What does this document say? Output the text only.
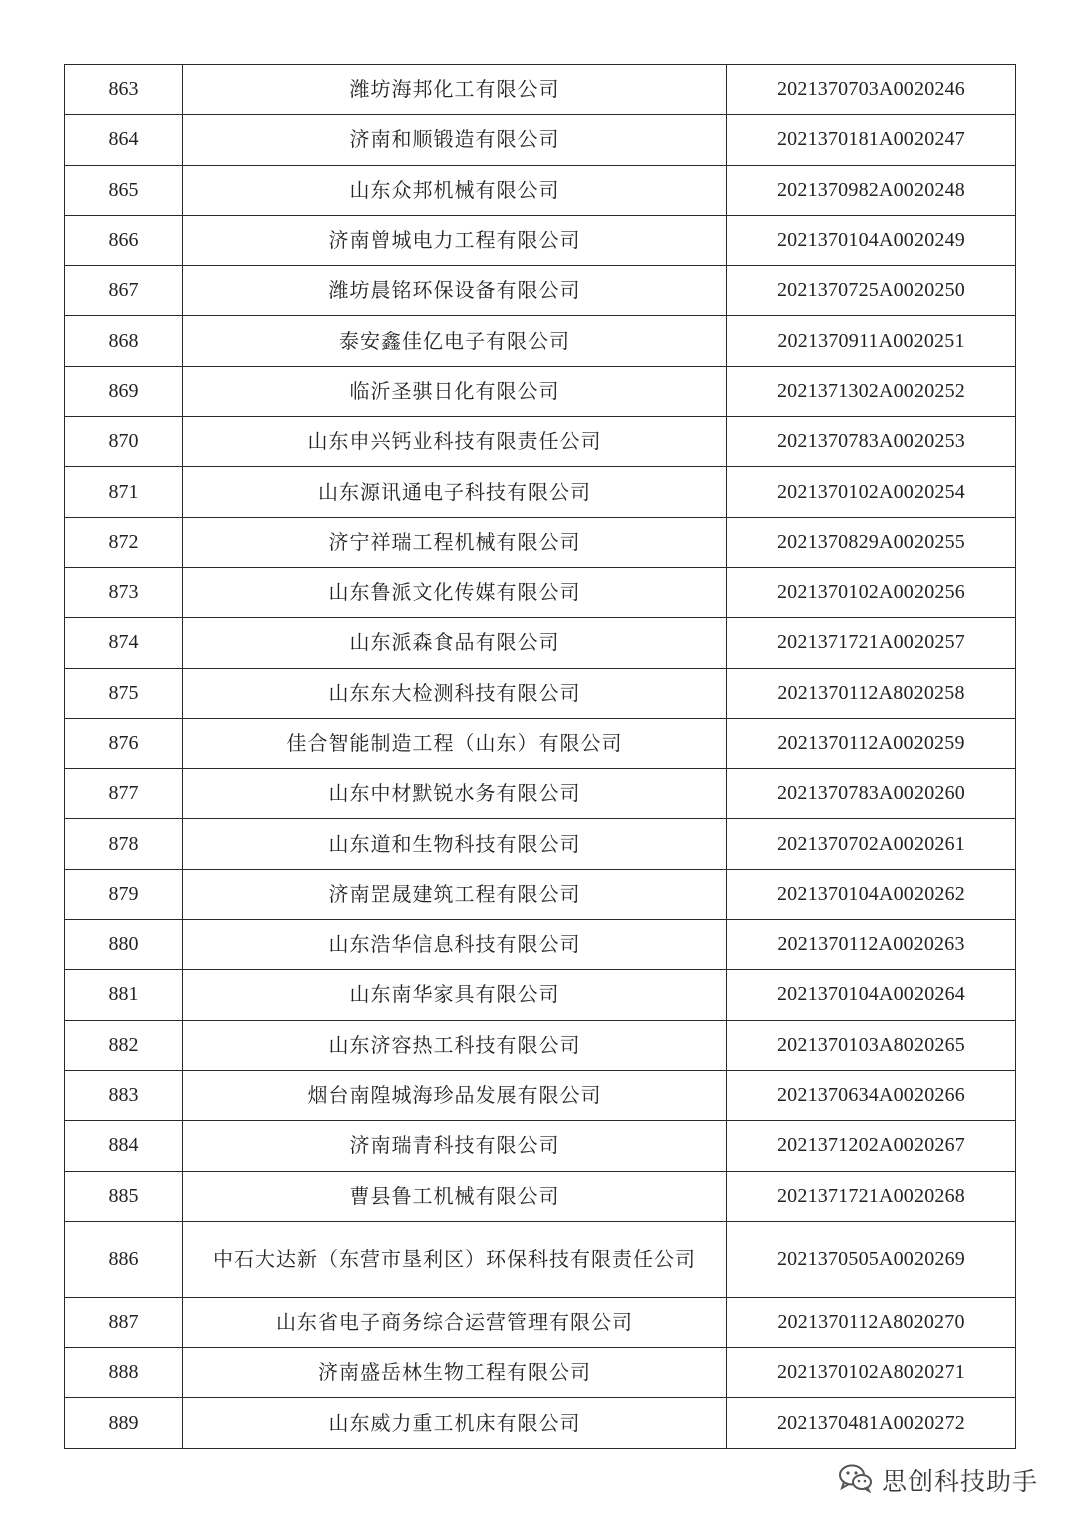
863	潍坊海邦化工有限公司	2021370703A0020246
864	济南和顺锻造有限公司	2021370181A0020247
865	山东众邦机械有限公司	2021370982A0020248
866	济南曾城电力工程有限公司	2021370104A0020249
867	潍坊晨铭环保设备有限公司	2021370725A0020250
868	泰安鑫佳亿电子有限公司	2021370911A0020251
869	临沂圣骐日化有限公司	2021371302A0020252
870	山东申兴钙业科技有限责任公司	2021370783A0020253
871	山东源讯通电子科技有限公司	2021370102A0020254
872	济宁祥瑞工程机械有限公司	2021370829A0020255
873	山东鲁派文化传媒有限公司	2021370102A0020256
874	山东派森食品有限公司	2021371721A0020257
875	山东东大检测科技有限公司	2021370112A8020258
876	佳合智能制造工程（山东）有限公司	2021370112A0020259
877	山东中材默锐水务有限公司	2021370783A0020260
878	山东道和生物科技有限公司	2021370702A0020261
879	济南罡晟建筑工程有限公司	2021370104A0020262
880	山东浩华信息科技有限公司	2021370112A0020263
881	山东南华家具有限公司	2021370104A0020264
882	山东济容热工科技有限公司	2021370103A8020265
883	烟台南隍城海珍品发展有限公司	2021370634A0020266
884	济南瑞青科技有限公司	2021371202A0020267
885	曹县鲁工机械有限公司	2021371721A0020268
886	中石大达新（东营市垦利区）环保科技有限责任公司	2021370505A0020269
887	山东省电子商务综合运营管理有限公司	2021370112A8020270
888	济南盛岳林生物工程有限公司	2021370102A8020271
889	山东威力重工机床有限公司	2021370481A0020272
思创科技助手
